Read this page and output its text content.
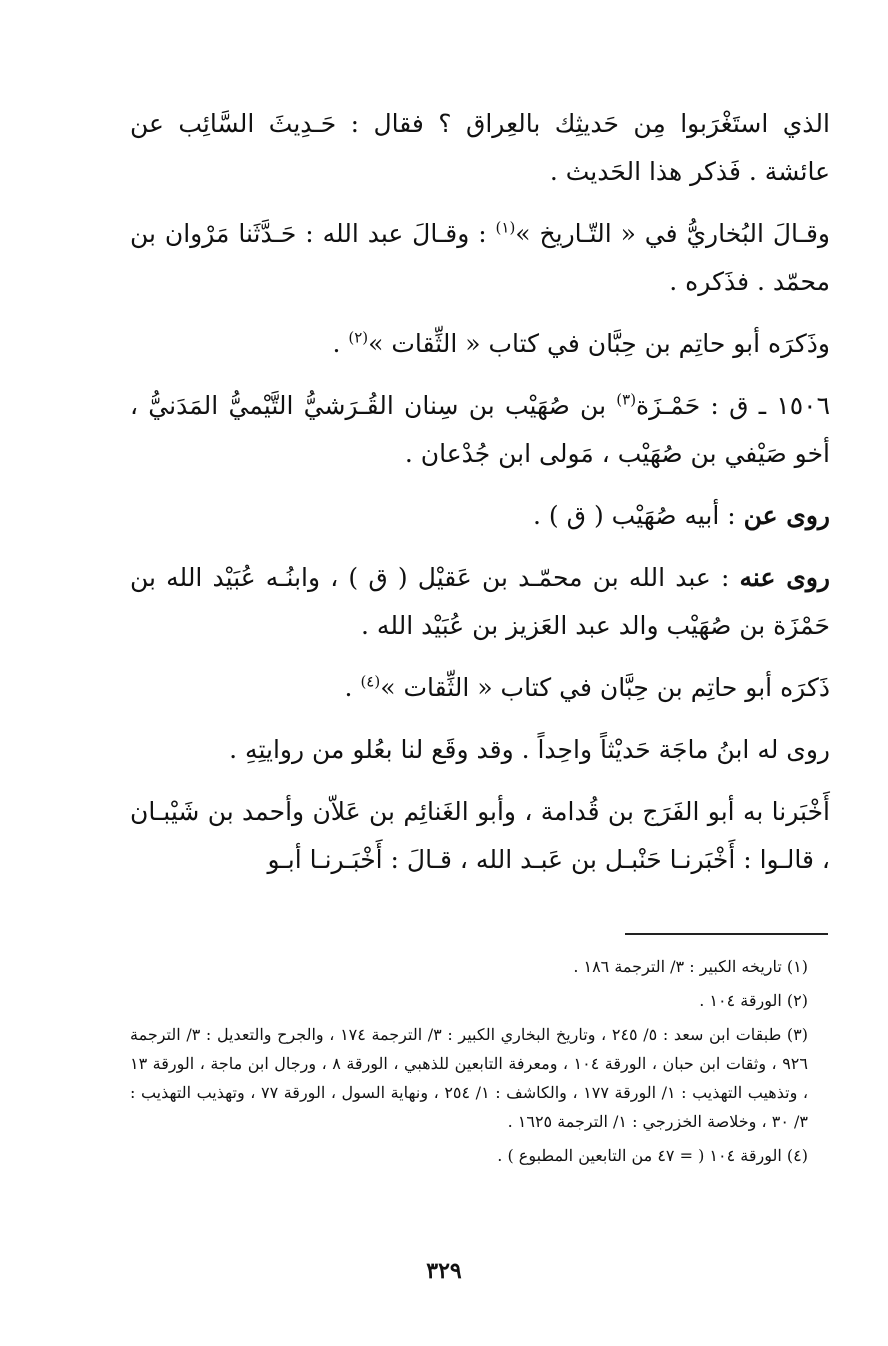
الذي استَغْرَبوا مِن حَديثِك بالعِراق ؟ فقال : حَـدِيثَ السَّائِب عن عائشة . فَذكر هذا الحَديث .

وقـالَ البُخاريُّ في « التّـاريخ »$^{(١)}$ : وقـالَ عبد الله : حَـدَّثَنا مَرْوان بن محمّد . فذَكره .

وذَكرَه أبو حاتِم بن حِبَّان في كتاب « الثِّقات »$^{(٢)}$ .

١٥٠٦ ـ ق : حَمْـزَة$^{(٣)}$ بن صُهَيْب بن سِنان القُـرَشيُّ التَّيْميُّ المَدَنيُّ ، أخو صَيْفي بن صُهَيْب ، مَولى ابن جُدْعان .

روى عن : أبيه صُهَيْب ( ق ) .

روى عنه : عبد الله بن محمّـد بن عَقيْل ( ق ) ، وابنُـه عُبَيْد الله بن حَمْزَة بن صُهَيْب والد عبد العَزيز بن عُبَيْد الله .

ذَكرَه أبو حاتِم بن حِبَّان في كتاب « الثِّقات »$^{(٤)}$ .

روى له ابنُ ماجَة حَديْثاً واحِداً . وقد وقَع لنا بعُلو من روايتِهِ .

أَخْبَرنا به أبو الفَرَج بن قُدامة ، وأبو الغَنائِم بن عَلاّن وأحمد بن شَيْبـان ، قالـوا : أَخْبَرنـا حَنْبـل بن عَبـد الله ، قـالَ : أَخْبَـرنـا أبـو

(١) تاريخه الكبير : ٣/ الترجمة ١٨٦ .

(٢) الورقة ١٠٤ .

(٣) طبقات ابن سعد : ٥/ ٢٤٥ ، وتاريخ البخاري الكبير : ٣/ الترجمة ١٧٤ ، والجرح والتعديل : ٣/ الترجمة ٩٢٦ ، وثقات ابن حبان ، الورقة ١٠٤ ، ومعرفة التابعين للذهبي ، الورقة ٨ ، ورجال ابن ماجة ، الورقة ١٣ ، وتذهيب التهذيب : ١/ الورقة ١٧٧ ، والكاشف : ١/ ٢٥٤ ، ونهاية السول ، الورقة ٧٧ ، وتهذيب التهذيب : ٣/ ٣٠ ، وخلاصة الخزرجي : ١/ الترجمة ١٦٢٥ .

(٤) الورقة ١٠٤ ( = ٤٧ من التابعين المطبوع ) .

٣٢٩
